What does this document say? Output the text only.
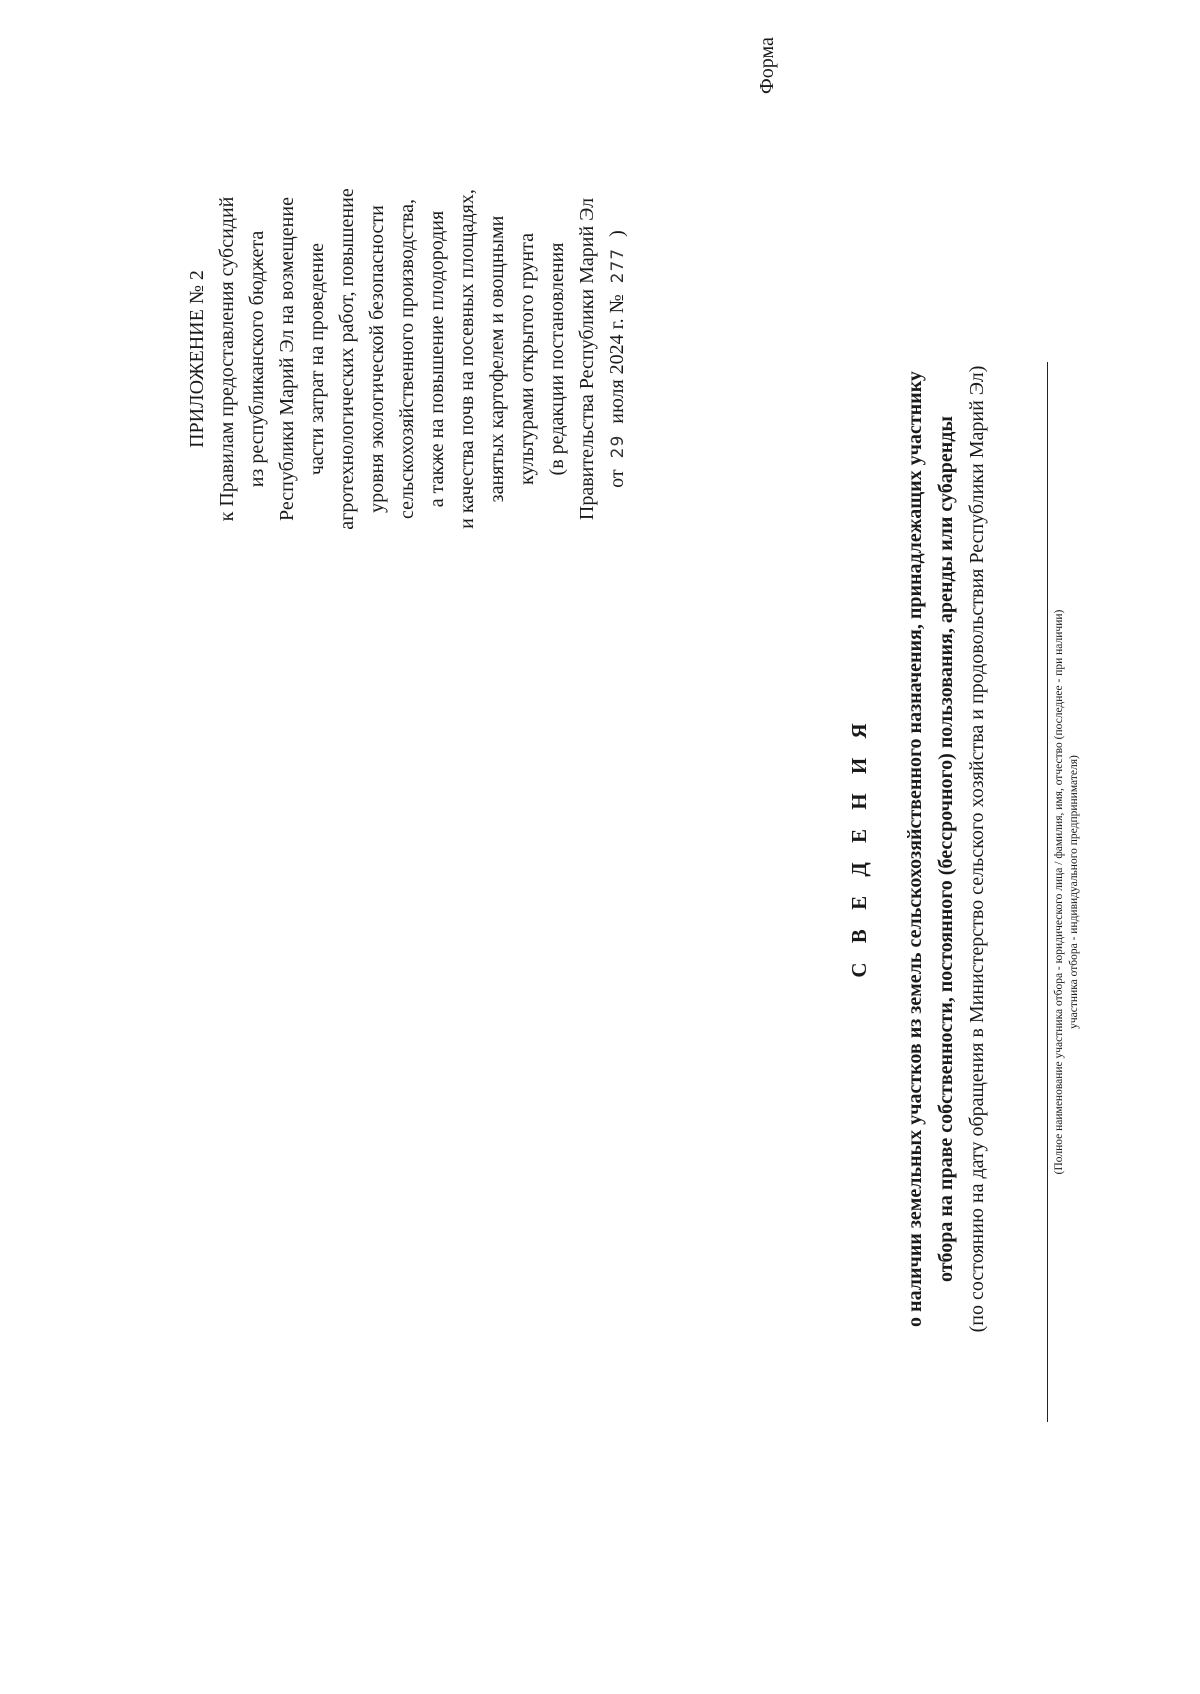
ПРИЛОЖЕНИЕ № 2 к Правилам предоставления субсидий из республиканского бюджета Республики Марий Эл на возмещение части затрат на проведение агротехнологических работ, повышение уровня экологической безопасности сельскохозяйственного производства, а также на повышение плодородия и качества почв на посевных площадях, занятых картофелем и овощными культурами открытого грунта (в редакции постановления Правительства Республики Марий Эл от 29 июля 2024 г. № 277 )
Форма
С В Е Д Е Н И Я о наличии земельных участков из земель сельскохозяйственного назначения, принадлежащих участнику отбора на праве собственности, постоянного (бессрочного) пользования, аренды или субаренды (по состоянию на дату обращения в Министерство сельского хозяйства и продовольствия Республики Марий Эл)	(Полное наименование участника отбора - юридического лица / фамилия, имя, отчество (последнее - при наличии) участника отбора - индивидуального предпринимателя)
